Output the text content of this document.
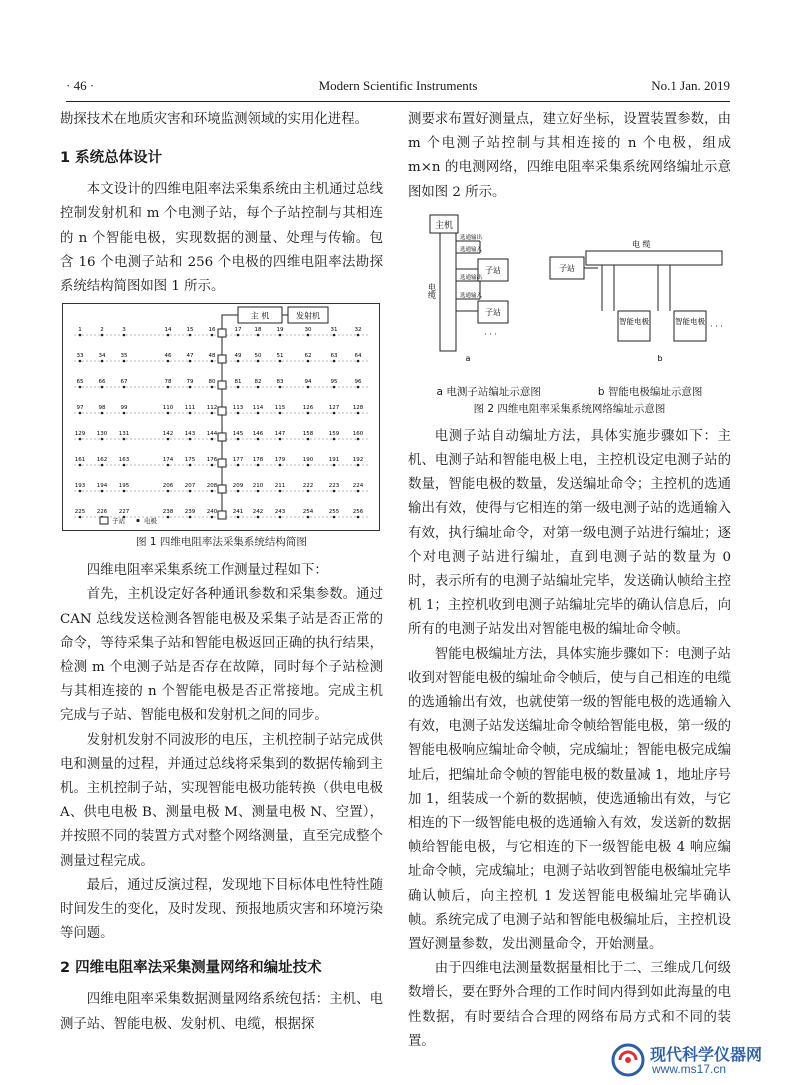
· 46 ·	Modern Scientific Instruments	No.1 Jan. 2019

勘探技术在地质灾害和环境监测领域的实用化进程。

1 系统总体设计

本文设计的四维电阻率法采集系统由主机通过总线控制发射机和 m 个电测子站，每个子站控制与其相连的 n 个智能电极，实现数据的测量、处理与传输。包含 16 个电测子站和 256 个电极的四维电阻率法勘探系统结构简图如图 1 所示。

主 机	发射机
1	2	3	14	15	16	17 18	19	30	31	32
33	34	35	46	47	48	49 50	51	62	63	64
65	66	67	78	79	80	81 82	83	94	95	96
97	98	99	110 111 112	113 114 115	126	127 128
129 130 131	142 143 144	145 146 147	158	159 160
161 162 163	174 175 176	177 178 179	190	191 192
193 194 195	206 207 208	209 210 211	222	223 224
225 226 227	238 239 240	241 242 243	254	255 256
子站	电极
图 1 四维电阻率法采集系统结构简图

四维电阻率采集系统工作测量过程如下：

首先，主机设定好各种通讯参数和采集参数。通过 CAN 总线发送检测各智能电极及采集子站是否正常的命令，等待采集子站和智能电极返回正确的执行结果，检测 m 个电测子站是否存在故障，同时每个子站检测与其相连接的 n 个智能电极是否正常接地。完成主机完成与子站、智能电极和发射机之间的同步。

发射机发射不同波形的电压，主机控制子站完成供电和测量的过程，并通过总线将采集到的数据传输到主机。主机控制子站，实现智能电极功能转换（供电电极 A、供电电极 B、测量电极 M、测量电极 N、空置），并按照不同的装置方式对整个网络测量，直至完成整个测量过程完成。

最后，通过反演过程，发现地下目标体电性特性随时间发生的变化，及时发现、预报地质灾害和环境污染等问题。

2 四维电阻率法采集测量网络和编址技术

四维电阻率采集数据测量网络系统包括：主机、电测子站、智能电极、发射机、电缆，根据探

测要求布置好测量点，建立好坐标，设置装置参数，由 m 个电测子站控制与其相连接的 n 个电极，组成 m×n 的电测网络，四维电阻率采集系统网络编址示意图如图 2 所示。

主机
电缆
子站
子站
选通输出
选通输入
选通输出
选通输入
· · ·
a
子站
电 缆
智能电极	智能电极
· · ·
b
a 电测子站编址示意图	b 智能电极编址示意图
图 2 四维电阻率采集系统网络编址示意图

电测子站自动编址方法，具体实施步骤如下：主机、电测子站和智能电极上电，主控机设定电测子站的数量，智能电极的数量，发送编址命令；主控机的选通输出有效，使得与它相连的第一级电测子站的选通输入有效，执行编址命令，对第一级电测子站进行编址；逐个对电测子站进行编址，直到电测子站的数量为 0 时，表示所有的电测子站编址完毕，发送确认帧给主控机 1；主控机收到电测子站编址完毕的确认信息后，向所有的电测子站发出对智能电极的编址命令帧。

智能电极编址方法，具体实施步骤如下：电测子站收到对智能电极的编址命令帧后，使与自己相连的电缆的选通输出有效，也就使第一级的智能电极的选通输入有效，电测子站发送编址命令帧给智能电极，第一级的智能电极响应编址命令帧，完成编址；智能电极完成编址后，把编址命令帧的智能电极的数量减 1，地址序号加 1，组装成一个新的数据帧，使选通输出有效，与它相连的下一级智能电极的选通输入有效，发送新的数据帧给智能电极，与它相连的下一级智能电极 4 响应编址命令帧，完成编址；电测子站收到智能电极编址完毕确认帧后，向主控机 1 发送智能电极编址完毕确认帧。系统完成了电测子站和智能电极编址后，主控机设置好测量参数，发出测量命令，开始测量。

由于四维电法测量数据量相比于二、三维成几何级数增长，要在野外合理的工作时间内得到如此海量的电性数据，有时要结合合理的网络布局方式和不同的装置。

现代科学仪器网
www.ms17.cn
